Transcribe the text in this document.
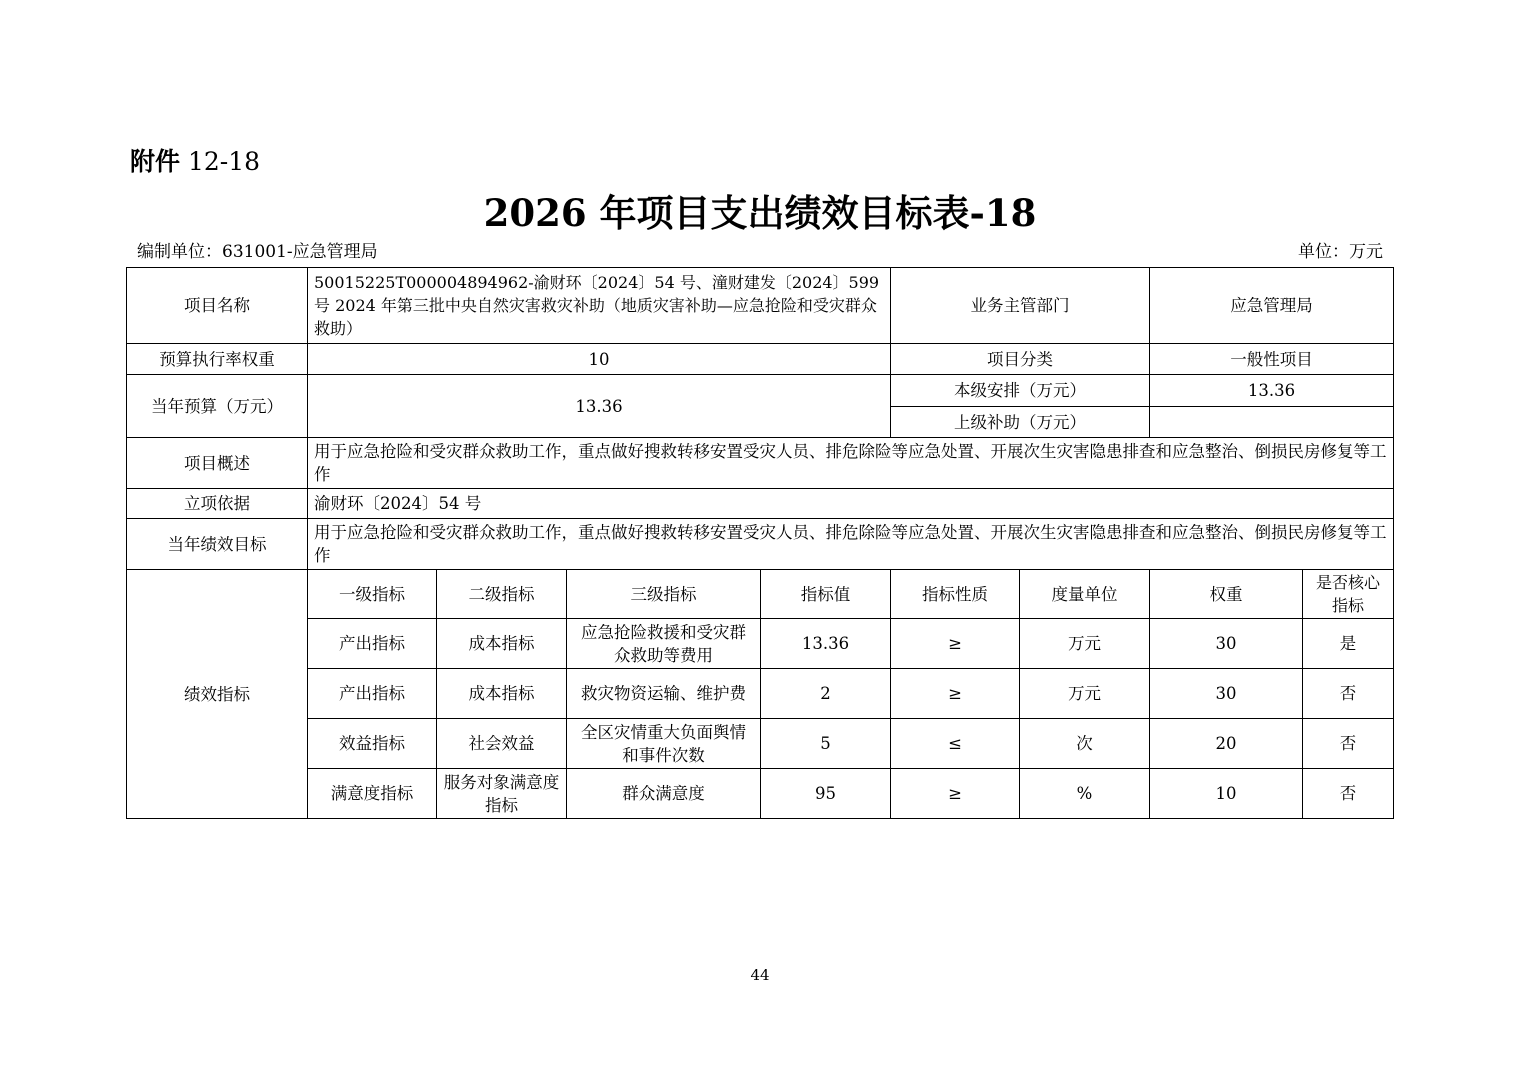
附件 12-18
2026 年项目支出绩效目标表-18
编制单位：631001-应急管理局	单位：万元
项目名称	50015225T000004894962-渝财环〔2024〕54 号、潼财建发〔2024〕599 号 2024 年第三批中央自然灾害救灾补助（地质灾害补助—应急抢险和受灾群众救助）				业务主管部门		应急管理局	
预算执行率权重	10				项目分类		一般性项目	
当年预算（万元）	13.36				本级安排（万元）		13.36	
					上级补助（万元）			
项目概述	用于应急抢险和受灾群众救助工作，重点做好搜救转移安置受灾人员、排危除险等应急处置、开展次生灾害隐患排查和应急整治、倒损民房修复等工作							
立项依据	渝财环〔2024〕54 号							
当年绩效目标	用于应急抢险和受灾群众救助工作，重点做好搜救转移安置受灾人员、排危除险等应急处置、开展次生灾害隐患排查和应急整治、倒损民房修复等工作							
绩效指标	一级指标	二级指标	三级指标	指标值	指标性质	度量单位	权重	是否核心指标
	产出指标	成本指标	应急抢险救援和受灾群众救助等费用	13.36	≥	万元	30	是
	产出指标	成本指标	救灾物资运输、维护费	2	≥	万元	30	否
	效益指标	社会效益	全区灾情重大负面舆情和事件次数	5	≤	次	20	否
	满意度指标	服务对象满意度指标	群众满意度	95	≥	%	10	否
44
